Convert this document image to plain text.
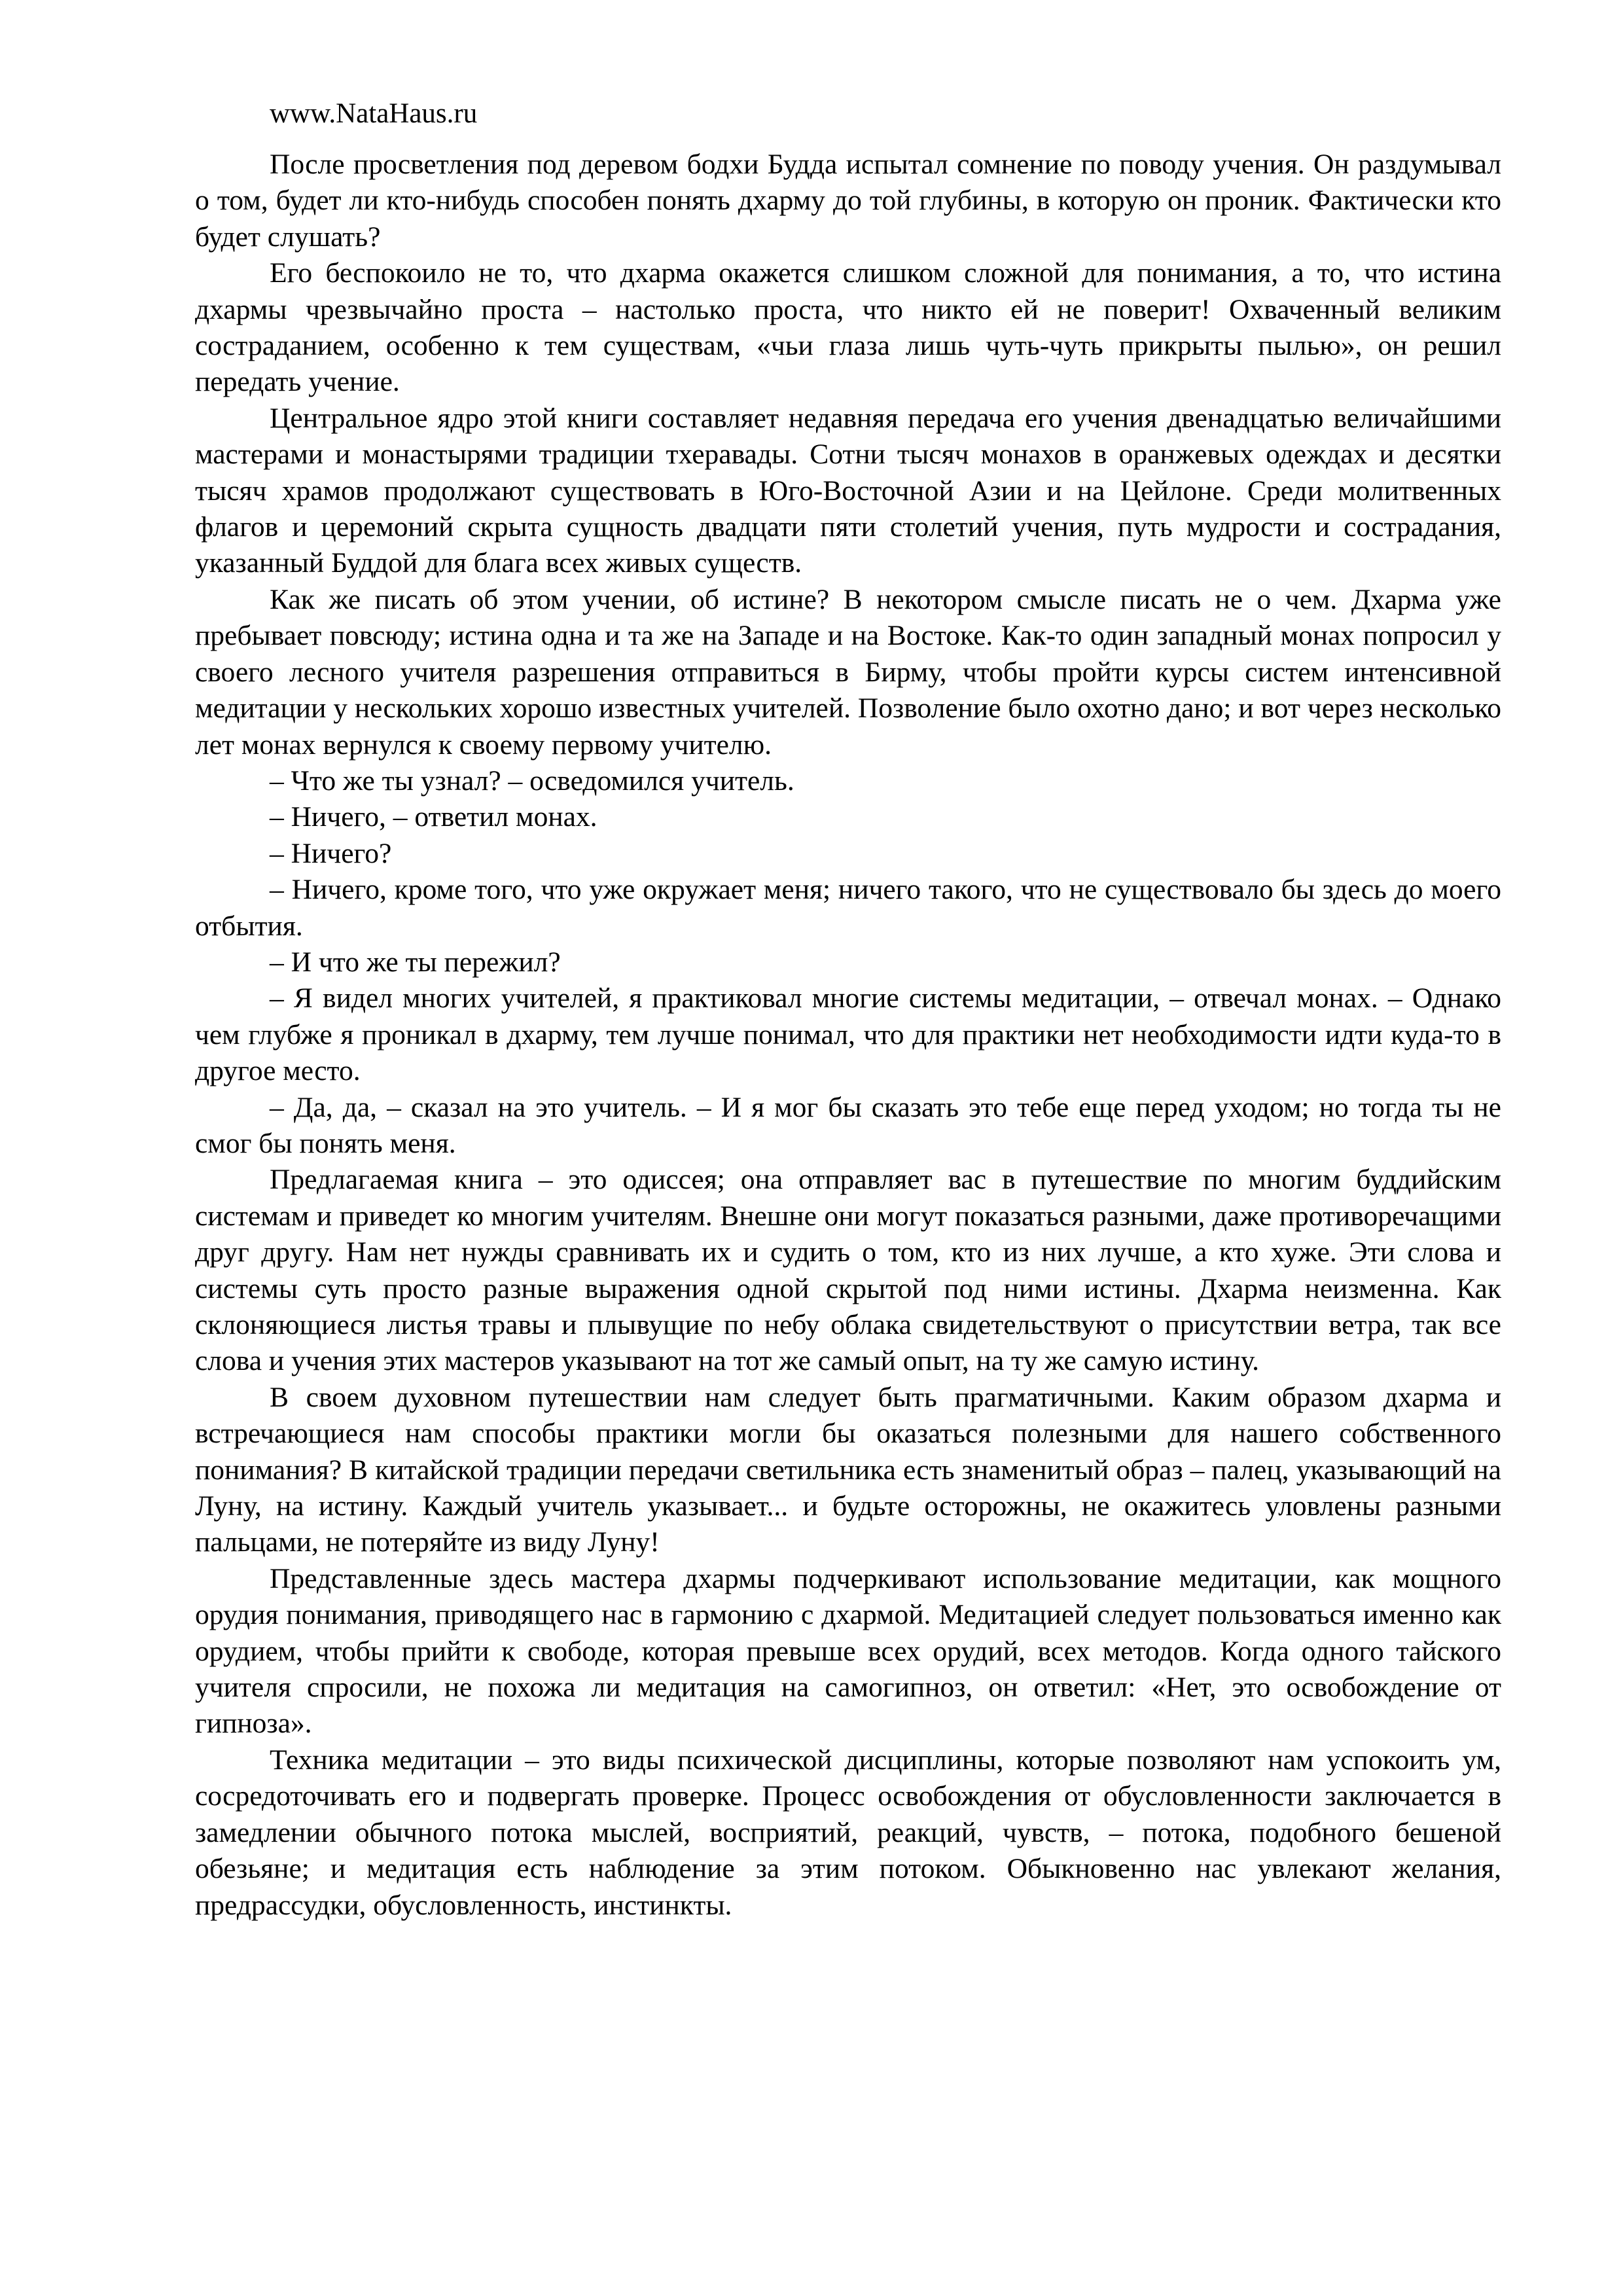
www.NataHaus.ru

После просветления под деревом бодхи Будда испытал сомнение по поводу учения. Он раздумывал о том, будет ли кто-нибудь способен понять дхарму до той глубины, в которую он проник. Фактически кто будет слушать?

Его беспокоило не то, что дхарма окажется слишком сложной для понимания, а то, что истина дхармы чрезвычайно проста – настолько проста, что никто ей не поверит! Охваченный великим состраданием, особенно к тем существам, «чьи глаза лишь чуть-чуть прикрыты пылью», он решил передать учение.

Центральное ядро этой книги составляет недавняя передача его учения двенадцатью величайшими мастерами и монастырями традиции тхеравады. Сотни тысяч монахов в оранжевых одеждах и десятки тысяч храмов продолжают существовать в Юго-Восточной Азии и на Цейлоне. Среди молитвенных флагов и церемоний скрыта сущность двадцати пяти столетий учения, путь мудрости и сострадания, указанный Буддой для блага всех живых существ.

Как же писать об этом учении, об истине? В некотором смысле писать не о чем. Дхарма уже пребывает повсюду; истина одна и та же на Западе и на Востоке. Как-то один западный монах попросил у своего лесного учителя разрешения отправиться в Бирму, чтобы пройти курсы систем интенсивной медитации у нескольких хорошо известных учителей. Позволение было охотно дано; и вот через несколько лет монах вернулся к своему первому учителю.

– Что же ты узнал? – осведомился учитель.

– Ничего, – ответил монах.

– Ничего?

– Ничего, кроме того, что уже окружает меня; ничего такого, что не существовало бы здесь до моего отбытия.

– И что же ты пережил?

– Я видел многих учителей, я практиковал многие системы медитации, – отвечал монах. – Однако чем глубже я проникал в дхарму, тем лучше понимал, что для практики нет необходимости идти куда-то в другое место.

– Да, да, – сказал на это учитель. – И я мог бы сказать это тебе еще перед уходом; но тогда ты не смог бы понять меня.

Предлагаемая книга – это одиссея; она отправляет вас в путешествие по многим буддийским системам и приведет ко многим учителям. Внешне они могут показаться разными, даже противоречащими друг другу. Нам нет нужды сравнивать их и судить о том, кто из них лучше, а кто хуже. Эти слова и системы суть просто разные выражения одной скрытой под ними истины. Дхарма неизменна. Как склоняющиеся листья травы и плывущие по небу облака свидетельствуют о присутствии ветра, так все слова и учения этих мастеров указывают на тот же самый опыт, на ту же самую истину.

В своем духовном путешествии нам следует быть прагматичными. Каким образом дхарма и встречающиеся нам способы практики могли бы оказаться полезными для нашего собственного понимания? В китайской традиции передачи светильника есть знаменитый образ – палец, указывающий на Луну, на истину. Каждый учитель указывает... и будьте осторожны, не окажитесь уловлены разными пальцами, не потеряйте из виду Луну!

Представленные здесь мастера дхармы подчеркивают использование медитации, как мощного орудия понимания, приводящего нас в гармонию с дхармой. Медитацией следует пользоваться именно как орудием, чтобы прийти к свободе, которая превыше всех орудий, всех методов. Когда одного тайского учителя спросили, не похожа ли медитация на самогипноз, он ответил: «Нет, это освобождение от гипноза».

Техника медитации – это виды психической дисциплины, которые позволяют нам успокоить ум, сосредоточивать его и подвергать проверке. Процесс освобождения от обусловленности заключается в замедлении обычного потока мыслей, восприятий, реакций, чувств, – потока, подобного бешеной обезьяне; и медитация есть наблюдение за этим потоком. Обыкновенно нас увлекают желания, предрассудки, обусловленность, инстинкты.
